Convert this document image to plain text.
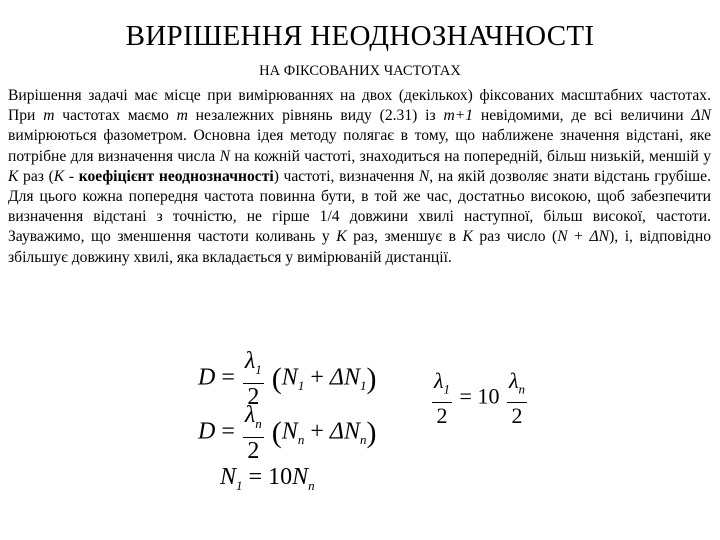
ВИРІШЕННЯ НЕОДНОЗНАЧНОСТІ
НА ФІКСОВАНИХ ЧАСТОТАХ

Вирішення задачі має місце при вимірюваннях на двох (декількох) фіксованих масштабних частотах. При m частотах маємо m незалежних рівнянь виду (2.31) із m+1 невідомими, де всі величини ΔN вимірюються фазометром. Основна ідея методу полягає в тому, що наближене значення відстані, яке потрібне для визначення числа N на кожній частоті, знаходиться на попередній, більш низькій, меншій у K раз (K - коефіцієнт неоднозначності) частоті, визначення N, на якій дозволяє знати відстань грубіше. Для цього кожна попередня частота повинна бути, в той же час, достатньо високою, щоб забезпечити визначення відстані з точністю, не гірше 1/4 довжини хвилі наступної, більш високої, частоти. Зауважимо, що зменшення частоти коливань у K раз, зменшує в K раз число (N + ΔN), і, відповідно збільшує довжину хвилі, яка вкладається у вимірюваній дистанції.

$D = \frac{\lambda_1}{2} (N_1 + \Delta N_1)$
$D = \frac{\lambda_n}{2} (N_n + \Delta N_n)$
$N_1 = 10N_n$
$\frac{\lambda_1}{2} = 10 \frac{\lambda_n}{2}$
